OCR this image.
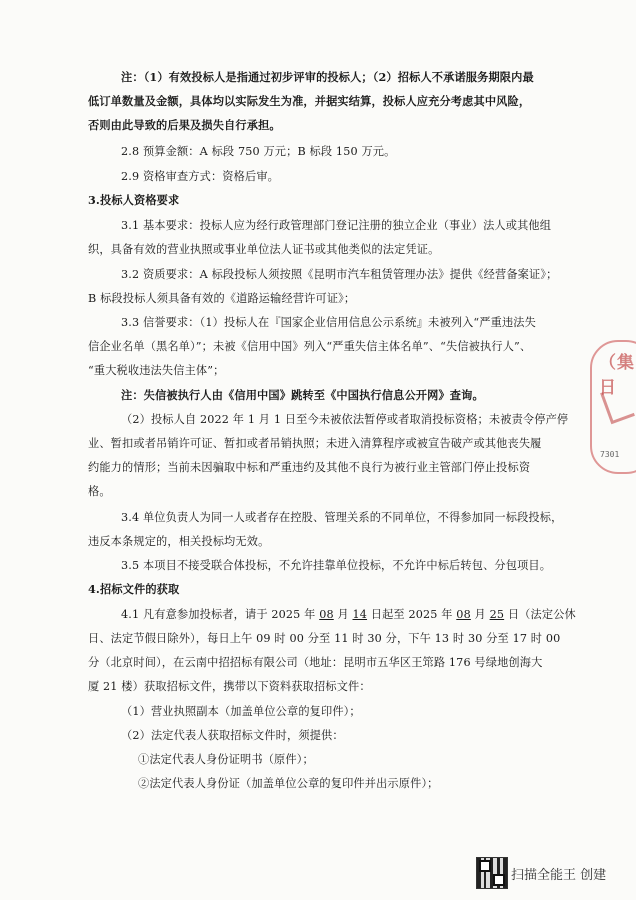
注：（1）有效投标人是指通过初步评审的投标人；（2）招标人不承诺服务期限内最
低订单数量及金额，具体均以实际发生为准，并据实结算，投标人应充分考虑其中风险，
否则由此导致的后果及损失自行承担。
2.8 预算金额：A 标段 750 万元；B 标段 150 万元。
2.9 资格审查方式：资格后审。
3.投标人资格要求
3.1 基本要求：投标人应为经行政管理部门登记注册的独立企业（事业）法人或其他组
织，具备有效的营业执照或事业单位法人证书或其他类似的法定凭证。
3.2 资质要求：A 标段投标人须按照《昆明市汽车租赁管理办法》提供《经营备案证》；
B 标段投标人须具备有效的《道路运输经营许可证》；
3.3 信誉要求：（1）投标人在『国家企业信用信息公示系统』未被列入“严重违法失
信企业名单（黑名单）”；未被《信用中国》列入“严重失信主体名单”、“失信被执行人”、
“重大税收违法失信主体”；
注：失信被执行人由《信用中国》跳转至《中国执行信息公开网》查询。
（2）投标人自 2022 年 1 月 1 日至今未被依法暂停或者取消投标资格；未被责令停产停
业、暂扣或者吊销许可证、暂扣或者吊销执照；未进入清算程序或被宣告破产或其他丧失履
约能力的情形；当前未因骗取中标和严重违约及其他不良行为被行业主管部门停止投标资
格。
3.4 单位负责人为同一人或者存在控股、管理关系的不同单位，不得参加同一标段投标，
违反本条规定的，相关投标均无效。
3.5 本项目不接受联合体投标，不允许挂靠单位投标，不允许中标后转包、分包项目。
4.招标文件的获取
4.1 凡有意参加投标者，请于 2025 年 08 月 14 日起至 2025 年 08 月 25 日（法定公休
日、法定节假日除外），每日上午 09 时 00 分至 11 时 30 分，下午 13 时 30 分至 17 时 00
分（北京时间），在云南中招招标有限公司（地址：昆明市五华区王筇路 176 号绿地创海大
厦 21 楼）获取招标文件，携带以下资料获取招标文件：
（1）营业执照副本（加盖单位公章的复印件）；
（2）法定代表人获取招标文件时，须提供：
①法定代表人身份证明书（原件）；
②法定代表人身份证（加盖单位公章的复印件并出示原件）；
（集日
7301
扫描全能王 创建
